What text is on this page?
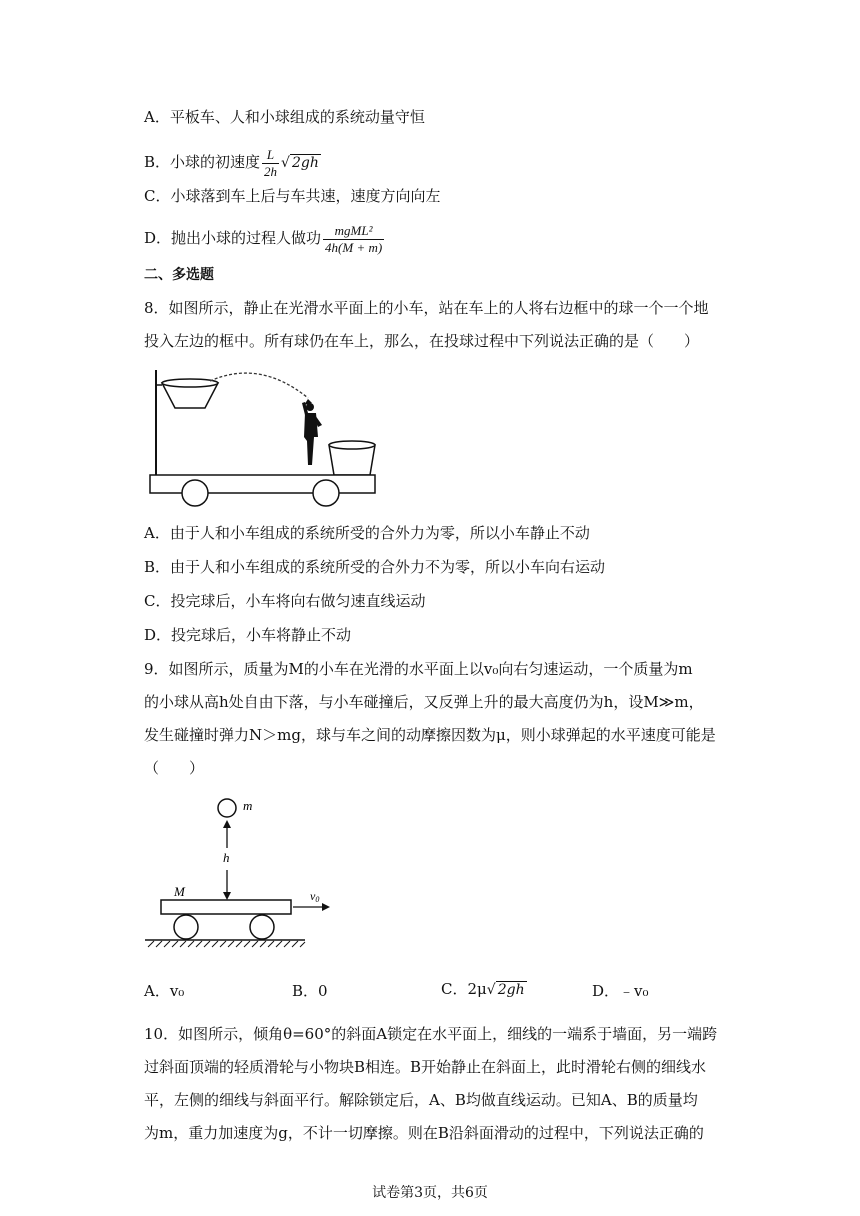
A．平板车、人和小球组成的系统动量守恒
B．小球的初速度 $\frac{L}{2h}$ √ 2gh
C．小球落到车上后与车共速，速度方向向左
D．抛出小球的过程人做功 $\frac{\text{mgML²}}{4h(M + m)}$
二、多选题
8．如图所示，静止在光滑水平面上的小车，站在车上的人将右边框中的球一个一个地
投入左边的框中。所有球仍在车上，那么，在投球过程中下列说法正确的是（　　）
A．由于人和小车组成的系统所受的合外力为零，所以小车静止不动
B．由于人和小车组成的系统所受的合外力不为零，所以小车向右运动
C．投完球后，小车将向右做匀速直线运动
D．投完球后，小车将静止不动
9．如图所示，质量为M的小车在光滑的水平面上以v₀向右匀速运动，一个质量为m
的小球从高h处自由下落，与小车碰撞后，又反弹上升的最大高度仍为h，设M≫m，
发生碰撞时弹力N＞mg，球与车之间的动摩擦因数为μ，则小球弹起的水平速度可能是
（　　）
m
h
M	v0
A．v₀	B．0	C．2μ√ 2gh	D．﹣v₀
10．如图所示，倾角θ=60°的斜面A锁定在水平面上，细线的一端系于墙面，另一端跨
过斜面顶端的轻质滑轮与小物块B相连。B开始静止在斜面上，此时滑轮右侧的细线水
平，左侧的细线与斜面平行。解除锁定后，A、B均做直线运动。已知A、B的质量均
为m，重力加速度为g，不计一切摩擦。则在B沿斜面滑动的过程中，下列说法正确的
试卷第3页，共6页
